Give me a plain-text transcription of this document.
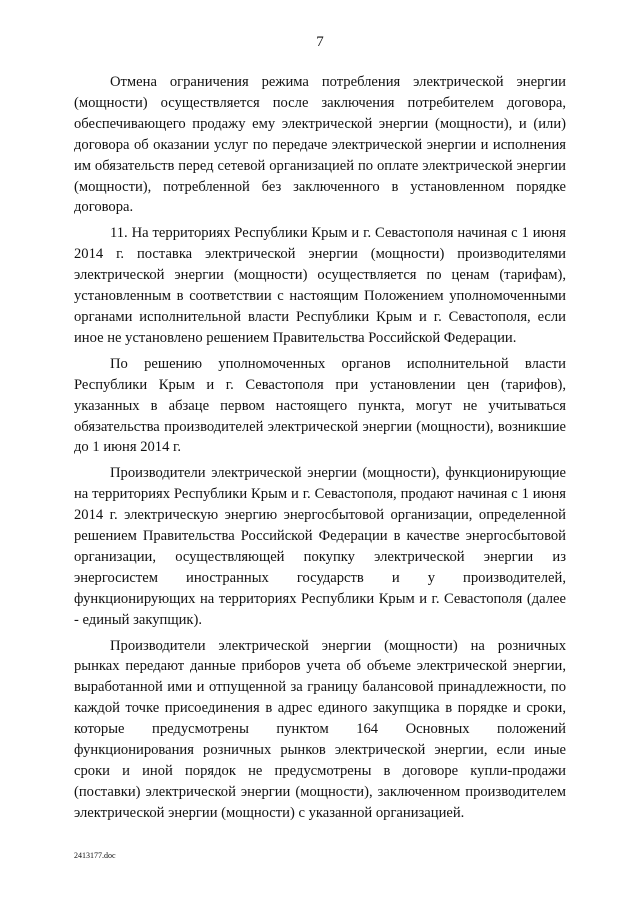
7

Отмена ограничения режима потребления электрической энергии (мощности) осуществляется после заключения потребителем договора, обеспечивающего продажу ему электрической энергии (мощности), и (или) договора об оказании услуг по передаче электрической энергии и исполнения им обязательств перед сетевой организацией по оплате электрической энергии (мощности), потребленной без заключенного в установленном порядке договора.

11. На территориях Республики Крым и г. Севастополя начиная с 1 июня 2014 г. поставка электрической энергии (мощности) производителями электрической энергии (мощности) осуществляется по ценам (тарифам), установленным в соответствии с настоящим Положением уполномоченными органами исполнительной власти Республики Крым и г. Севастополя, если иное не установлено решением Правительства Российской Федерации.

По решению уполномоченных органов исполнительной власти Республики Крым и г. Севастополя при установлении цен (тарифов), указанных в абзаце первом настоящего пункта, могут не учитываться обязательства производителей электрической энергии (мощности), возникшие до 1 июня 2014 г.

Производители электрической энергии (мощности), функционирующие на территориях Республики Крым и г. Севастополя, продают начиная с 1 июня 2014 г. электрическую энергию энергосбытовой организации, определенной решением Правительства Российской Федерации в качестве энергосбытовой организации, осуществляющей покупку электрической энергии из энергосистем иностранных государств и у производителей, функционирующих на территориях Республики Крым и г. Севастополя (далее - единый закупщик).

Производители электрической энергии (мощности) на розничных рынках передают данные приборов учета об объеме электрической энергии, выработанной ими и отпущенной за границу балансовой принадлежности, по каждой точке присоединения в адрес единого закупщика в порядке и сроки, которые предусмотрены пунктом 164 Основных положений функционирования розничных рынков электрической энергии, если иные сроки и иной порядок не предусмотрены в договоре купли-продажи (поставки) электрической энергии (мощности), заключенном производителем электрической энергии (мощности) с указанной организацией.

2413177.doc
